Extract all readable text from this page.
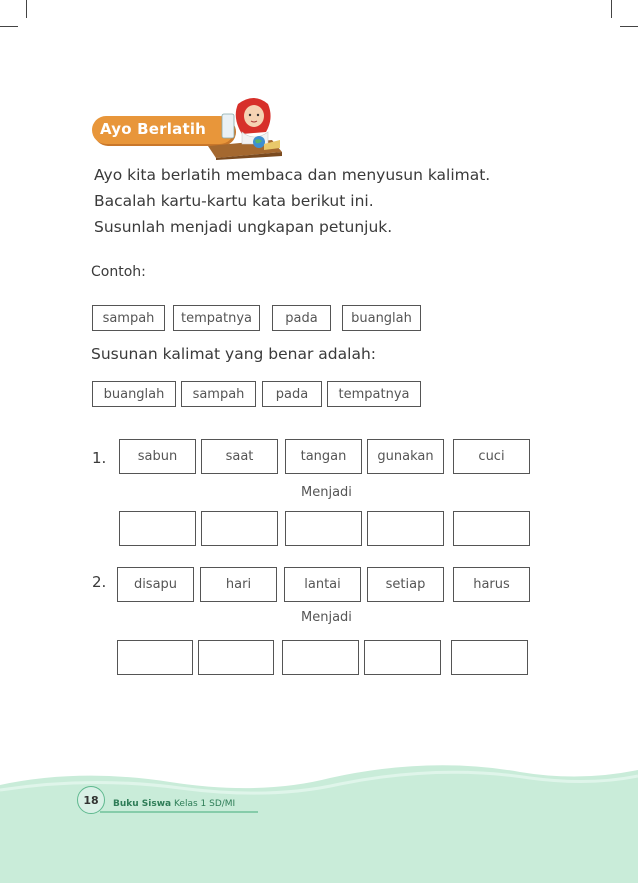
Ayo Berlatih
Ayo kita berlatih membaca dan menyusun kalimat.
Bacalah kartu-kartu kata berikut ini.
Susunlah menjadi ungkapan petunjuk.
Contoh:
sampah	tempatnya	pada	buanglah
Susunan kalimat yang benar adalah:
buanglah	sampah	pada	tempatnya
1.	sabun	saat	tangan	gunakan	cuci
Menjadi
2.	disapu	hari	lantai	setiap	harus
Menjadi
18 Buku Siswa Kelas 1 SD/MI
